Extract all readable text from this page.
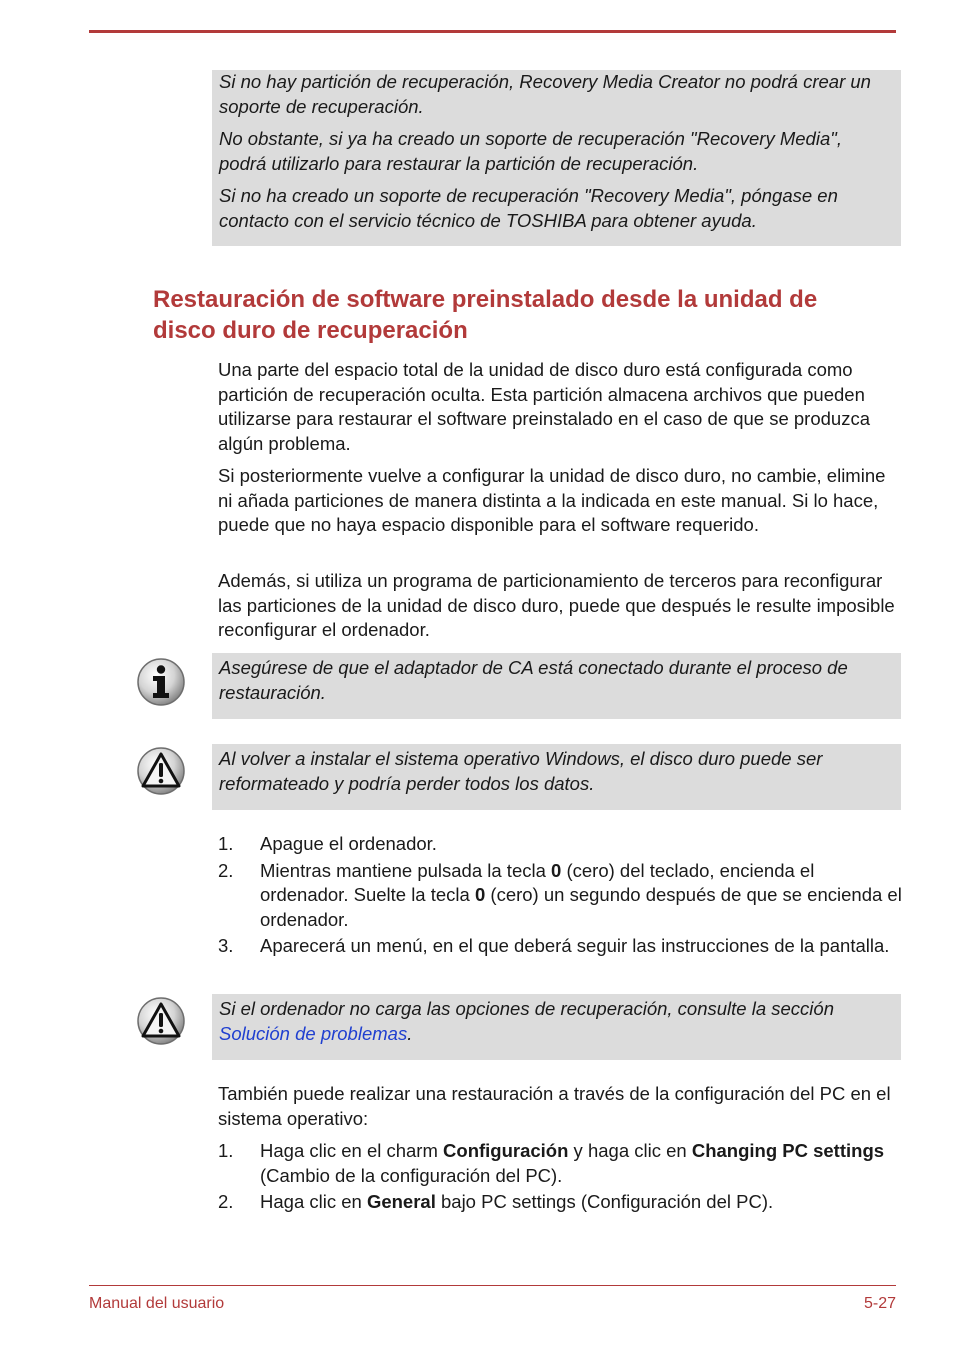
Si no hay partición de recuperación, Recovery Media Creator no podrá crear un soporte de recuperación.

No obstante, si ya ha creado un soporte de recuperación "Recovery Media", podrá utilizarlo para restaurar la partición de recuperación.

Si no ha creado un soporte de recuperación "Recovery Media", póngase en contacto con el servicio técnico de TOSHIBA para obtener ayuda.

Restauración de software preinstalado desde la unidad de disco duro de recuperación

Una parte del espacio total de la unidad de disco duro está configurada como partición de recuperación oculta. Esta partición almacena archivos que pueden utilizarse para restaurar el software preinstalado en el caso de que se produzca algún problema.

Si posteriormente vuelve a configurar la unidad de disco duro, no cambie, elimine ni añada particiones de manera distinta a la indicada en este manual. Si lo hace, puede que no haya espacio disponible para el software requerido.

Además, si utiliza un programa de particionamiento de terceros para reconfigurar las particiones de la unidad de disco duro, puede que después le resulte imposible reconfigurar el ordenador.

Asegúrese de que el adaptador de CA está conectado durante el proceso de restauración.

Al volver a instalar el sistema operativo Windows, el disco duro puede ser reformateado y podría perder todos los datos.

1. Apague el ordenador.
2. Mientras mantiene pulsada la tecla 0 (cero) del teclado, encienda el ordenador. Suelte la tecla 0 (cero) un segundo después de que se encienda el ordenador.
3. Aparecerá un menú, en el que deberá seguir las instrucciones de la pantalla.

Si el ordenador no carga las opciones de recuperación, consulte la sección Solución de problemas.

También puede realizar una restauración a través de la configuración del PC en el sistema operativo:

1. Haga clic en el charm Configuración y haga clic en Changing PC settings (Cambio de la configuración del PC).
2. Haga clic en General bajo PC settings (Configuración del PC).
Manual del usuario	5-27
